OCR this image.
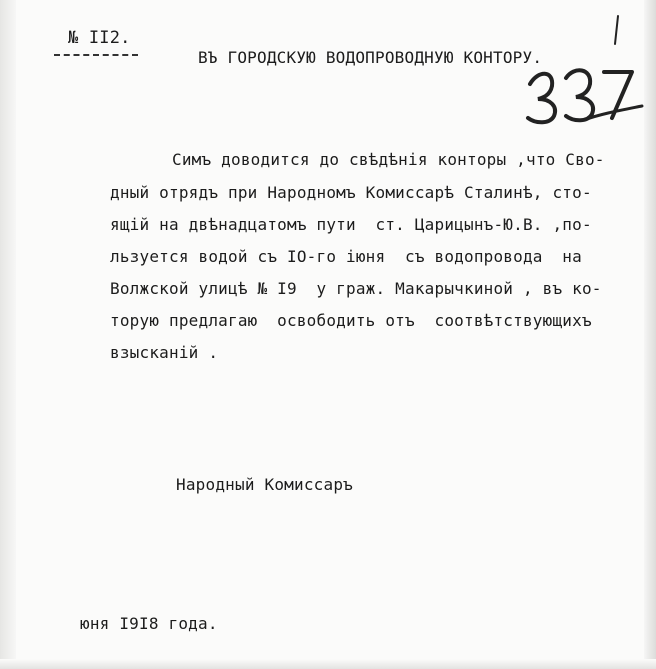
№ II2.
ВЪ ГОРОДСКУЮ ВОДОПРОВОДНУЮ КОНТОРУ.
Симъ доводится до свѣдѣнія конторы ,что Сво-
дный отрядъ при Народномъ Комиссарѣ Сталинѣ, сто-
ящій на двѣнадцатомъ пути  ст. Царицынъ-Ю.В. ,по-
льзуется водой съ IO-го іюня  съ водопровода  на
Волжской улицѣ № I9  у граж. Макарычкиной , въ ко-
торую предлагаю  освободить отъ  соотвѣтствующихъ
взысканій .
Народный Комиссаръ
юня I9I8 года.
